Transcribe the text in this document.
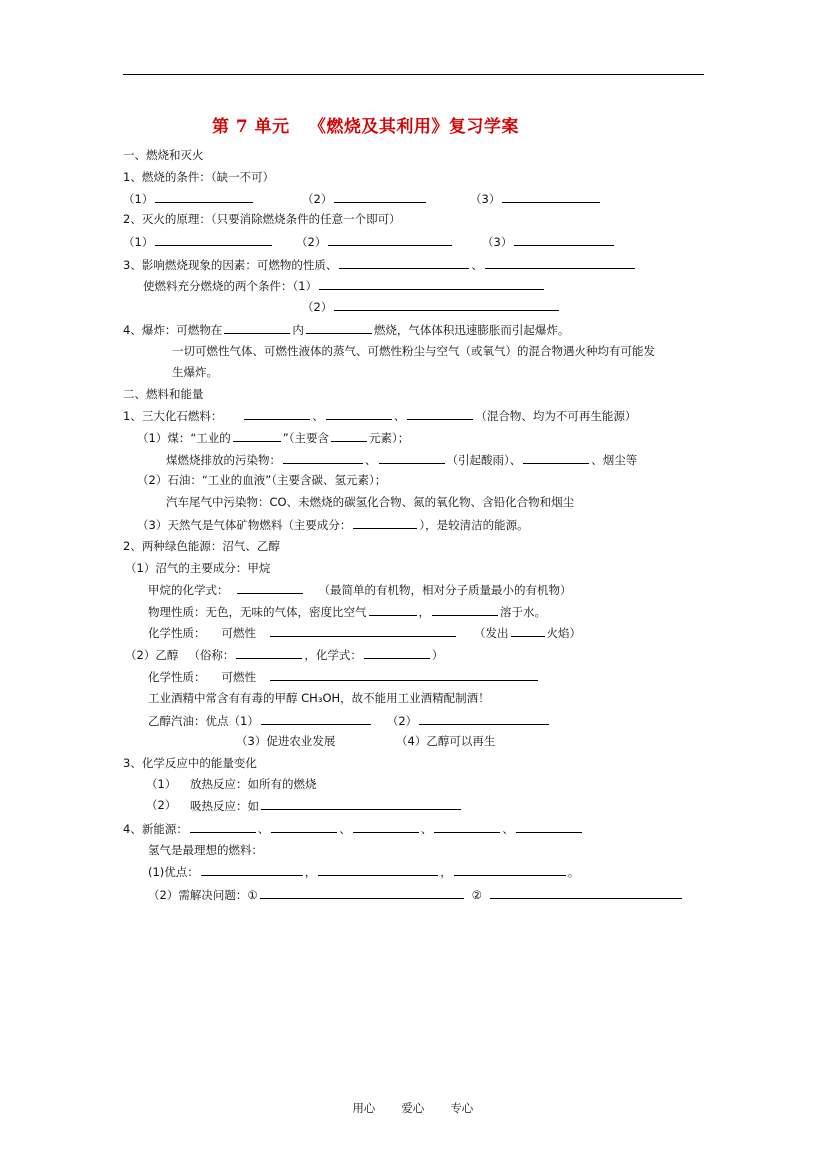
第 7 单元   《燃烧及其利用》复习学案
一、燃烧和灭火
1、燃烧的条件：（缺一不可）
（1）	（2）	（3）
2、灭火的原理：（只要消除燃烧条件的任意一个即可）
（1）	（2）	（3）
3、影响燃烧现象的因素：可燃物的性质、	、
使燃料充分燃烧的两个条件：（1）
（2）
4、爆炸：可燃物在	内	燃烧，气体体积迅速膨胀而引起爆炸。
一切可燃性气体、可燃性液体的蒸气、可燃性粉尘与空气（或氧气）的混合物遇火种均有可能发
生爆炸。
二、燃料和能量
1、三大化石燃料：	、	、	（混合物、均为不可再生能源）
（1）煤：“工业的	”（主要含	元素）；
煤燃烧排放的污染物：	、	（引起酸雨）、	、烟尘等
（2）石油：“工业的血液”（主要含碳、氢元素）；
汽车尾气中污染物：CO、未燃烧的碳氢化合物、氮的氧化物、含铅化合物和烟尘
（3）天然气是气体矿物燃料（主要成分：	），是较清洁的能源。
2、两种绿色能源：沼气、乙醇
（1）沼气的主要成分：甲烷
甲烷的化学式：	（最简单的有机物，相对分子质量最小的有机物）
物理性质：无色，无味的气体，密度比空气	，	溶于水。
化学性质： 可燃性	（发出	火焰）
（2）乙醇 （俗称：	，化学式：	）
化学性质： 可燃性
工业酒精中常含有有毒的甲醇 CH₃OH，故不能用工业酒精配制酒！
乙醇汽油：优点（1）	（2）
（3）促进农业发展	（4）乙醇可以再生
3、化学反应中的能量变化
（1） 放热反应：如所有的燃烧
（2） 吸热反应：如
4、新能源：	、	、	、	、
氢气是最理想的燃料：
(1)优点：	，	，	。
（2）需解决问题：①	②

用心 爱心 专心
